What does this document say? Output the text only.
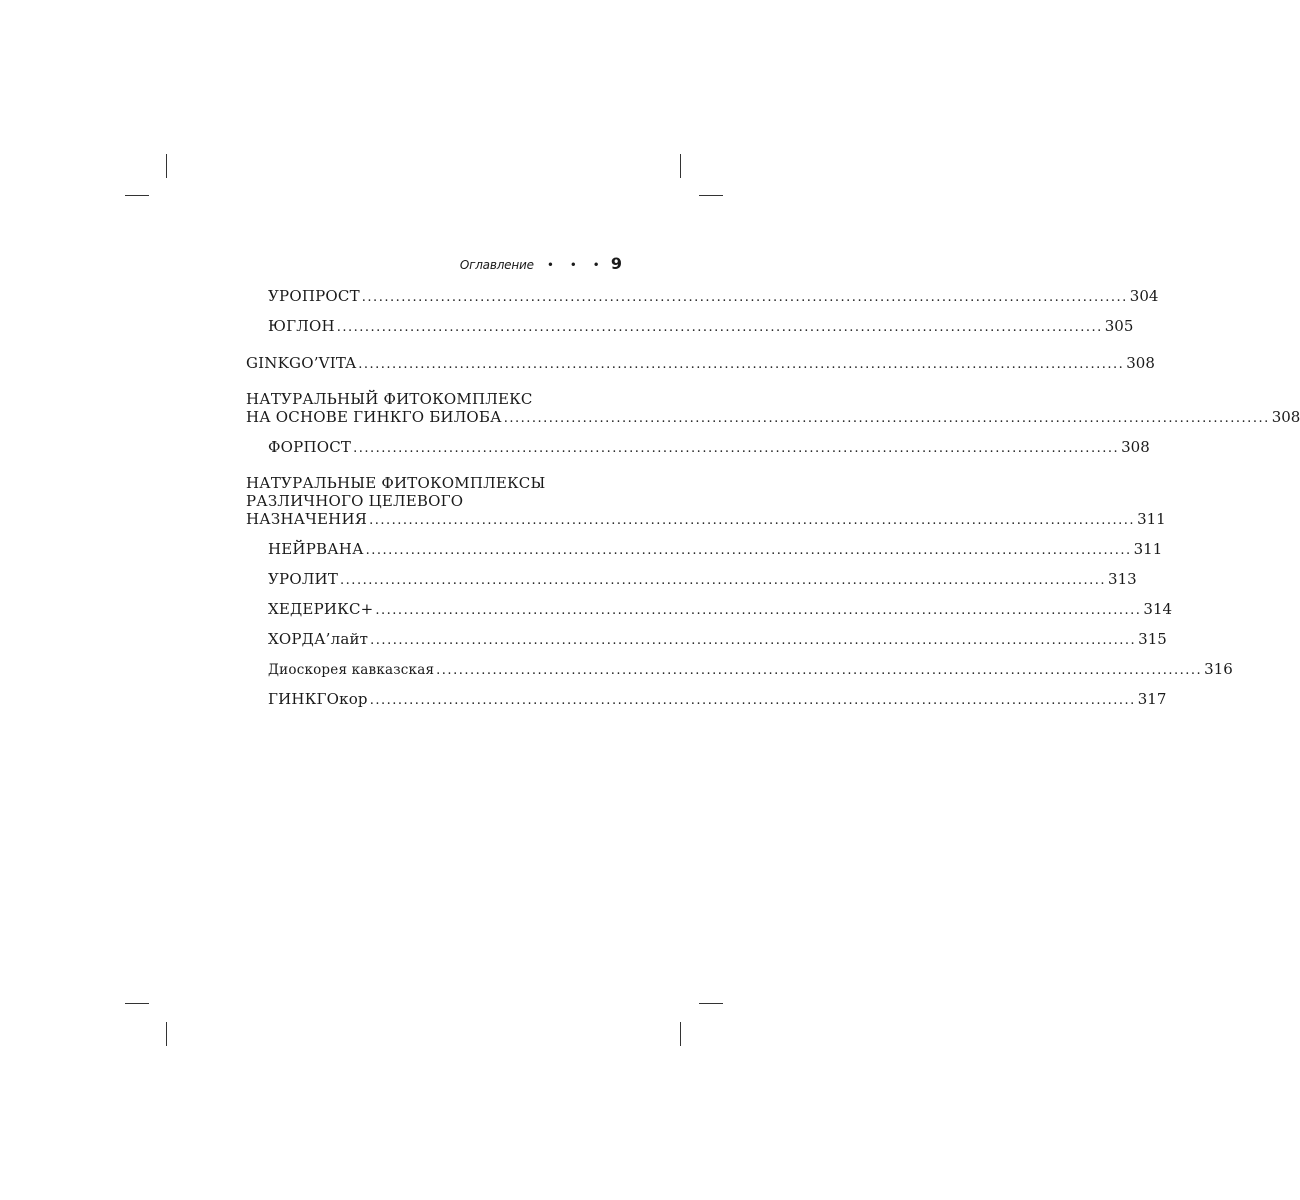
Оглавление • • • 9
УРОПРОСТ ........................................................................................................................................ 304
ЮГЛОН ........................................................................................................................................ 305
GINKGO’VITA ........................................................................................................................................ 308
НАТУРАЛЬНЫЙ ФИТОКОМПЛЕКС
НА ОСНОВЕ ГИНКГО БИЛОБА ........................................................................................................................................ 308
ФОРПОСТ ........................................................................................................................................ 308
НАТУРАЛЬНЫЕ ФИТОКОМПЛЕКСЫ
РАЗЛИЧНОГО ЦЕЛЕВОГО
НАЗНАЧЕНИЯ ........................................................................................................................................ 311
НЕЙРВАНА ........................................................................................................................................ 311
УРОЛИТ ........................................................................................................................................ 313
ХЕДЕРИКС+ ........................................................................................................................................ 314
ХОРДА’лайт ........................................................................................................................................ 315
Диоскорея кавказская ........................................................................................................................................ 316
ГИНКГОкор ........................................................................................................................................ 317
